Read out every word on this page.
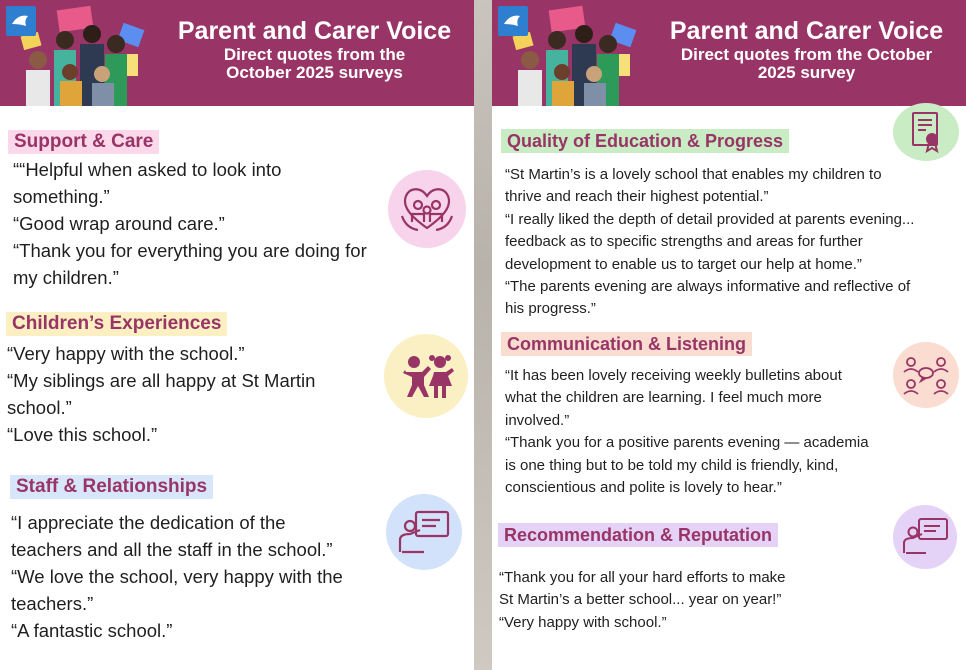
Parent and Carer Voice
Direct quotes from the
October 2025 surveys
Support & Care
““Helpful when asked to look into
something.”
“Good wrap around care.”
“Thank you for everything you are doing for
my children.”
Children’s Experiences
“Very happy with the school.”
“My siblings are all happy at St Martin
school.”
“Love this school.”
Staff & Relationships
“I appreciate the dedication of the
teachers and all the staff in the school.”
“We love the school, very happy with the
teachers.”
“A fantastic school.”
Parent and Carer Voice
Direct quotes from the October
2025 survey
Quality of Education & Progress
“St Martin’s is a lovely school that enables my children to
thrive and reach their highest potential.”
“I really liked the depth of detail provided at parents evening...
feedback as to specific strengths and areas for further
development to enable us to target our help at home.”
“The parents evening are always informative and reflective of
his progress.”
Communication & Listening
“It has been lovely receiving weekly bulletins about
what the children are learning. I feel much more
involved.”
“Thank you for a positive parents evening — academia
is one thing but to be told my child is friendly, kind,
conscientious and polite is lovely to hear.”
Recommendation & Reputation
“Thank you for all your hard efforts to make
St Martin’s a better school... year on year!”
“Very happy with school.”
